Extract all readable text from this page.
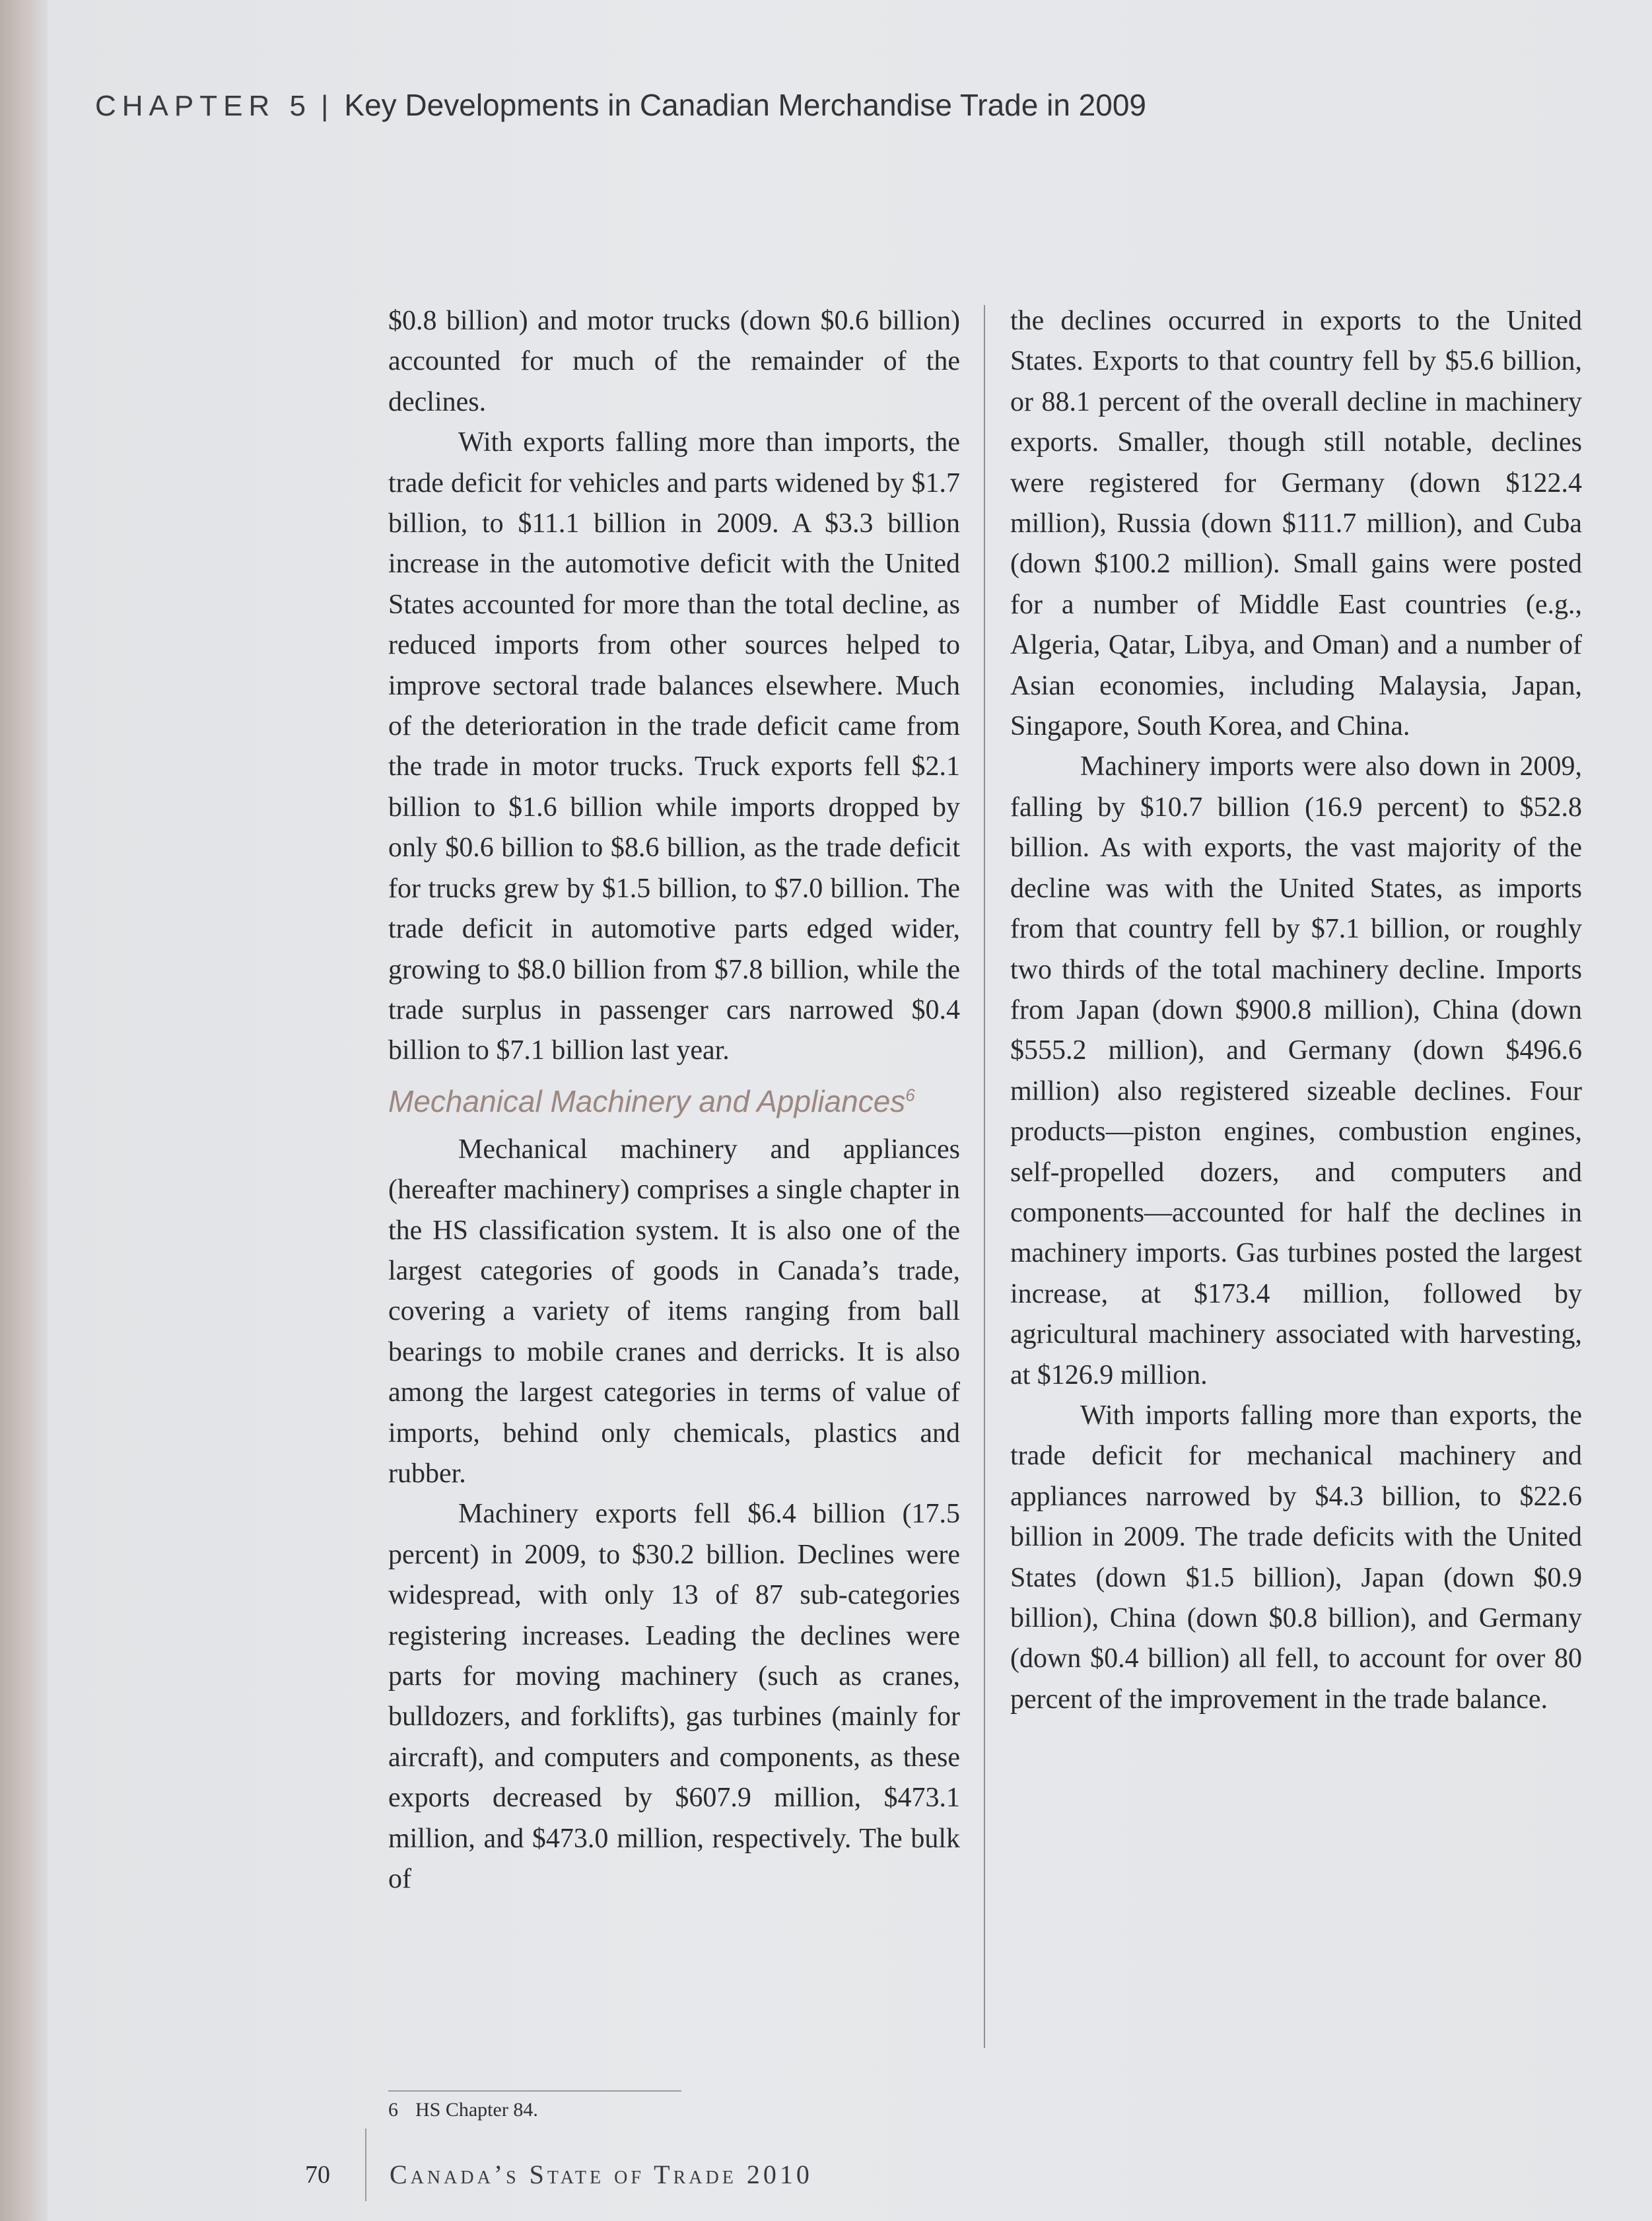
CHAPTER 5 | Key Developments in Canadian Merchandise Trade in 2009

$0.8 billion) and motor trucks (down $0.6 billion) accounted for much of the remainder of the declines.

With exports falling more than imports, the trade deficit for vehicles and parts widened by $1.7 billion, to $11.1 billion in 2009. A $3.3 billion increase in the automotive deficit with the United States accounted for more than the total decline, as reduced imports from other sources helped to improve sectoral trade balances elsewhere. Much of the deterioration in the trade deficit came from the trade in motor trucks. Truck exports fell $2.1 billion to $1.6 billion while imports dropped by only $0.6 billion to $8.6 billion, as the trade deficit for trucks grew by $1.5 billion, to $7.0 billion. The trade deficit in automotive parts edged wider, growing to $8.0 billion from $7.8 billion, while the trade surplus in passenger cars narrowed $0.4 billion to $7.1 billion last year.

Mechanical Machinery and Appliances$^6$

Mechanical machinery and appliances (hereafter machinery) comprises a single chapter in the HS classification system. It is also one of the largest categories of goods in Canada’s trade, covering a variety of items ranging from ball bearings to mobile cranes and derricks. It is also among the largest categories in terms of value of imports, behind only chemicals, plastics and rubber.

Machinery exports fell $6.4 billion (17.5 percent) in 2009, to $30.2 billion. Declines were widespread, with only 13 of 87 sub-categories registering increases. Leading the declines were parts for moving machinery (such as cranes, bulldozers, and forklifts), gas turbines (mainly for aircraft), and computers and components, as these exports decreased by $607.9 million, $473.1 million, and $473.0 million, respectively. The bulk of

the declines occurred in exports to the United States. Exports to that country fell by $5.6 billion, or 88.1 percent of the overall decline in machinery exports. Smaller, though still notable, declines were registered for Germany (down $122.4 million), Russia (down $111.7 million), and Cuba (down $100.2 million). Small gains were posted for a number of Middle East countries (e.g., Algeria, Qatar, Libya, and Oman) and a number of Asian economies, including Malaysia, Japan, Singapore, South Korea, and China.

Machinery imports were also down in 2009, falling by $10.7 billion (16.9 percent) to $52.8 billion. As with exports, the vast majority of the decline was with the United States, as imports from that country fell by $7.1 billion, or roughly two thirds of the total machinery decline. Imports from Japan (down $900.8 million), China (down $555.2 million), and Germany (down $496.6 million) also registered sizeable declines. Four products—piston engines, combustion engines, self-propelled dozers, and computers and components—accounted for half the declines in machinery imports. Gas turbines posted the largest increase, at $173.4 million, followed by agricultural machinery associated with harvesting, at $126.9 million.

With imports falling more than exports, the trade deficit for mechanical machinery and appliances narrowed by $4.3 billion, to $22.6 billion in 2009. The trade deficits with the United States (down $1.5 billion), Japan (down $0.9 billion), China (down $0.8 billion), and Germany (down $0.4 billion) all fell, to account for over 80 percent of the improvement in the trade balance.

6 HS Chapter 84.
70 Canada’s State of Trade 2010
